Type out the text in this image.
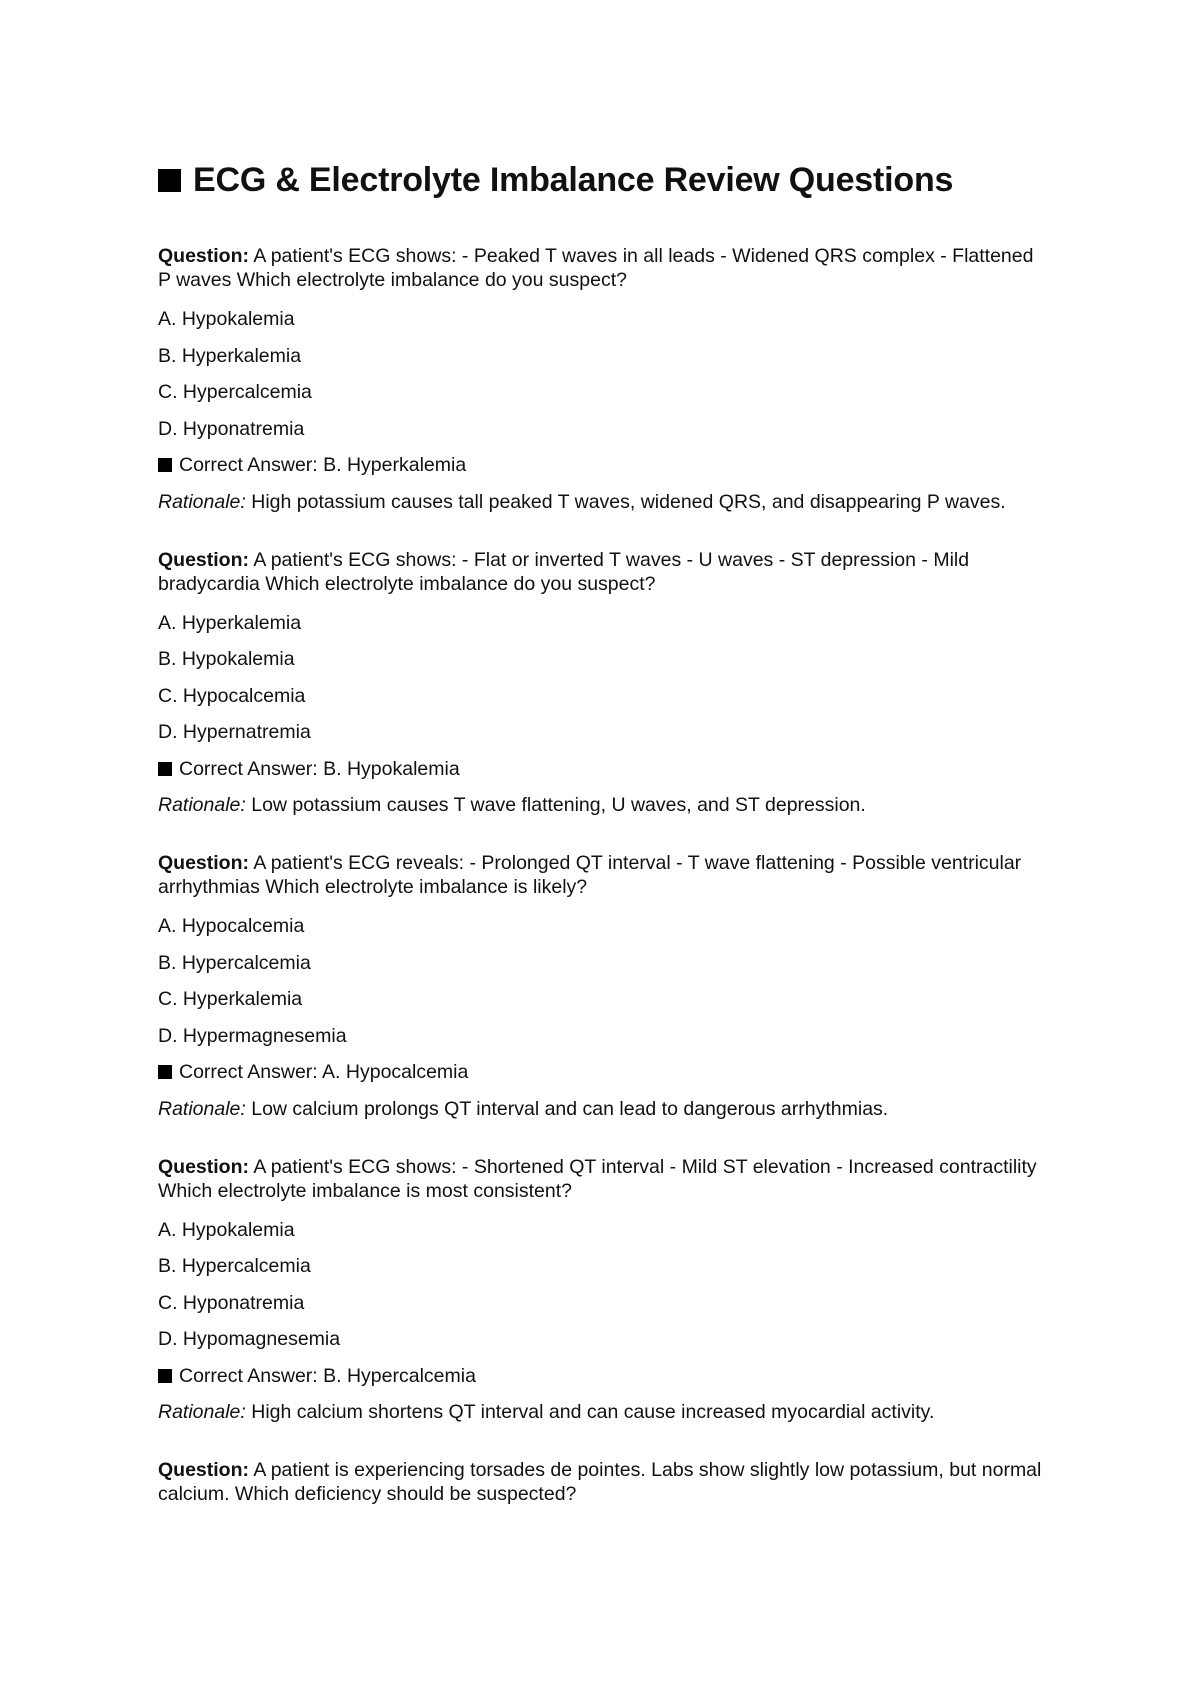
ECG & Electrolyte Imbalance Review Questions

Question: A patient's ECG shows: - Peaked T waves in all leads - Widened QRS complex - Flattened P waves Which electrolyte imbalance do you suspect?

A. Hypokalemia

B. Hyperkalemia

C. Hypercalcemia

D. Hyponatremia

Correct Answer: B. Hyperkalemia

Rationale: High potassium causes tall peaked T waves, widened QRS, and disappearing P waves.

Question: A patient's ECG shows: - Flat or inverted T waves - U waves - ST depression - Mild bradycardia Which electrolyte imbalance do you suspect?

A. Hyperkalemia

B. Hypokalemia

C. Hypocalcemia

D. Hypernatremia

Correct Answer: B. Hypokalemia

Rationale: Low potassium causes T wave flattening, U waves, and ST depression.

Question: A patient's ECG reveals: - Prolonged QT interval - T wave flattening - Possible ventricular arrhythmias Which electrolyte imbalance is likely?

A. Hypocalcemia

B. Hypercalcemia

C. Hyperkalemia

D. Hypermagnesemia

Correct Answer: A. Hypocalcemia

Rationale: Low calcium prolongs QT interval and can lead to dangerous arrhythmias.

Question: A patient's ECG shows: - Shortened QT interval - Mild ST elevation - Increased contractility Which electrolyte imbalance is most consistent?

A. Hypokalemia

B. Hypercalcemia

C. Hyponatremia

D. Hypomagnesemia

Correct Answer: B. Hypercalcemia

Rationale: High calcium shortens QT interval and can cause increased myocardial activity.

Question: A patient is experiencing torsades de pointes. Labs show slightly low potassium, but normal calcium. Which deficiency should be suspected?
